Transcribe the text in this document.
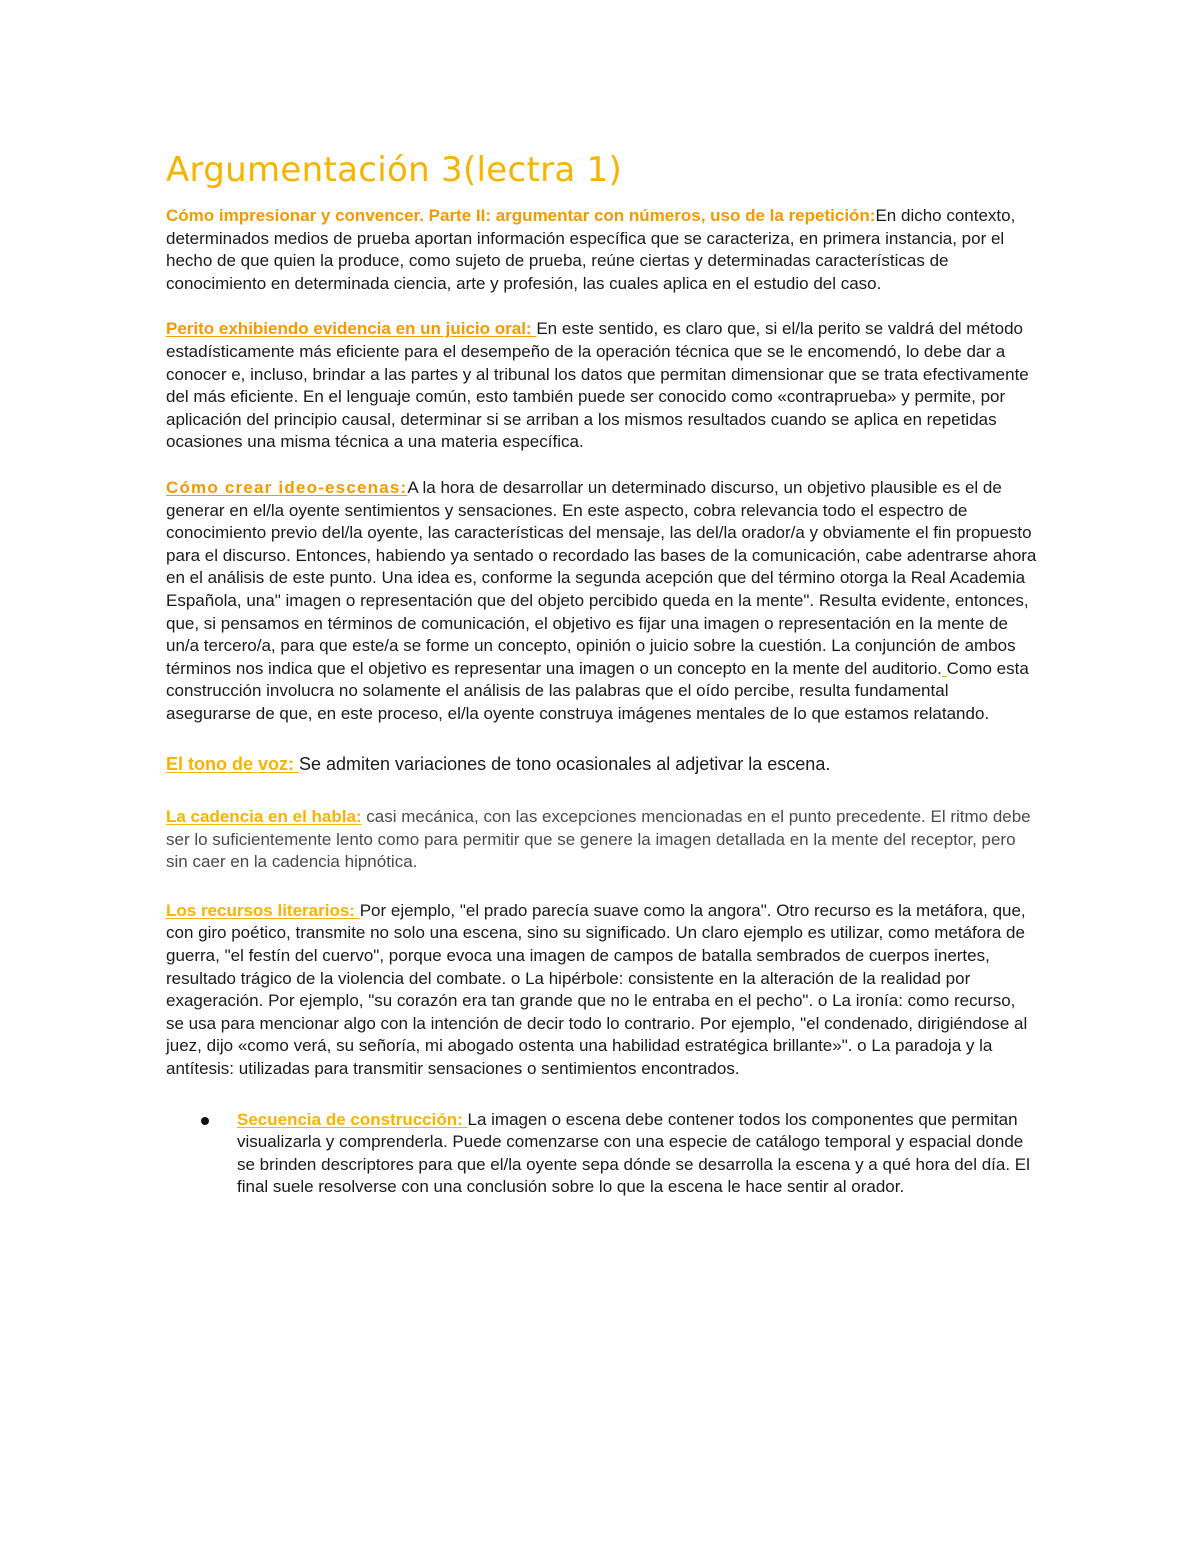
Argumentación 3(lectra 1)

Cómo impresionar y convencer. Parte II: argumentar con números, uso de la repetición:En dicho contexto, determinados medios de prueba aportan información específica que se caracteriza, en primera instancia, por el hecho de que quien la produce, como sujeto de prueba, reúne ciertas y determinadas características de conocimiento en determinada ciencia, arte y profesión, las cuales aplica en el estudio del caso.

Perito exhibiendo evidencia en un juicio oral: En este sentido, es claro que, si el/la perito se valdrá del método estadísticamente más eficiente para el desempeño de la operación técnica que se le encomendó, lo debe dar a conocer e, incluso, brindar a las partes y al tribunal los datos que permitan dimensionar que se trata efectivamente del más eficiente. En el lenguaje común, esto también puede ser conocido como «contraprueba» y permite, por aplicación del principio causal, determinar si se arriban a los mismos resultados cuando se aplica en repetidas ocasiones una misma técnica a una materia específica.

Cómo crear ideo-escenas:A la hora de desarrollar un determinado discurso, un objetivo plausible es el de generar en el/la oyente sentimientos y sensaciones. En este aspecto, cobra relevancia todo el espectro de conocimiento previo del/la oyente, las características del mensaje, las del/la orador/a y obviamente el fin propuesto para el discurso. Entonces, habiendo ya sentado o recordado las bases de la comunicación, cabe adentrarse ahora en el análisis de este punto. Una idea es, conforme la segunda acepción que del término otorga la Real Academia Española, una" imagen o representación que del objeto percibido queda en la mente". Resulta evidente, entonces, que, si pensamos en términos de comunicación, el objetivo es fijar una imagen o representación en la mente de un/a tercero/a, para que este/a se forme un concepto, opinión o juicio sobre la cuestión. La conjunción de ambos términos nos indica que el objetivo es representar una imagen o un concepto en la mente del auditorio. Como esta construcción involucra no solamente el análisis de las palabras que el oído percibe, resulta fundamental asegurarse de que, en este proceso, el/la oyente construya imágenes mentales de lo que estamos relatando.

El tono de voz: Se admiten variaciones de tono ocasionales al adjetivar la escena.

La cadencia en el habla: casi mecánica, con las excepciones mencionadas en el punto precedente. El ritmo debe ser lo suficientemente lento como para permitir que se genere la imagen detallada en la mente del receptor, pero sin caer en la cadencia hipnótica.

Los recursos literarios: Por ejemplo, "el prado parecía suave como la angora". Otro recurso es la metáfora, que, con giro poético, transmite no solo una escena, sino su significado. Un claro ejemplo es utilizar, como metáfora de guerra, "el festín del cuervo", porque evoca una imagen de campos de batalla sembrados de cuerpos inertes, resultado trágico de la violencia del combate. o La hipérbole: consistente en la alteración de la realidad por exageración. Por ejemplo, "su corazón era tan grande que no le entraba en el pecho". o La ironía: como recurso, se usa para mencionar algo con la intención de decir todo lo contrario. Por ejemplo, "el condenado, dirigiéndose al juez, dijo «como verá, su señoría, mi abogado ostenta una habilidad estratégica brillante»". o La paradoja y la antítesis: utilizadas para transmitir sensaciones o sentimientos encontrados.

Secuencia de construcción: La imagen o escena debe contener todos los componentes que permitan visualizarla y comprenderla. Puede comenzarse con una especie de catálogo temporal y espacial donde se brinden descriptores para que el/la oyente sepa dónde se desarrolla la escena y a qué hora del día. El final suele resolverse con una conclusión sobre lo que la escena le hace sentir al orador.
